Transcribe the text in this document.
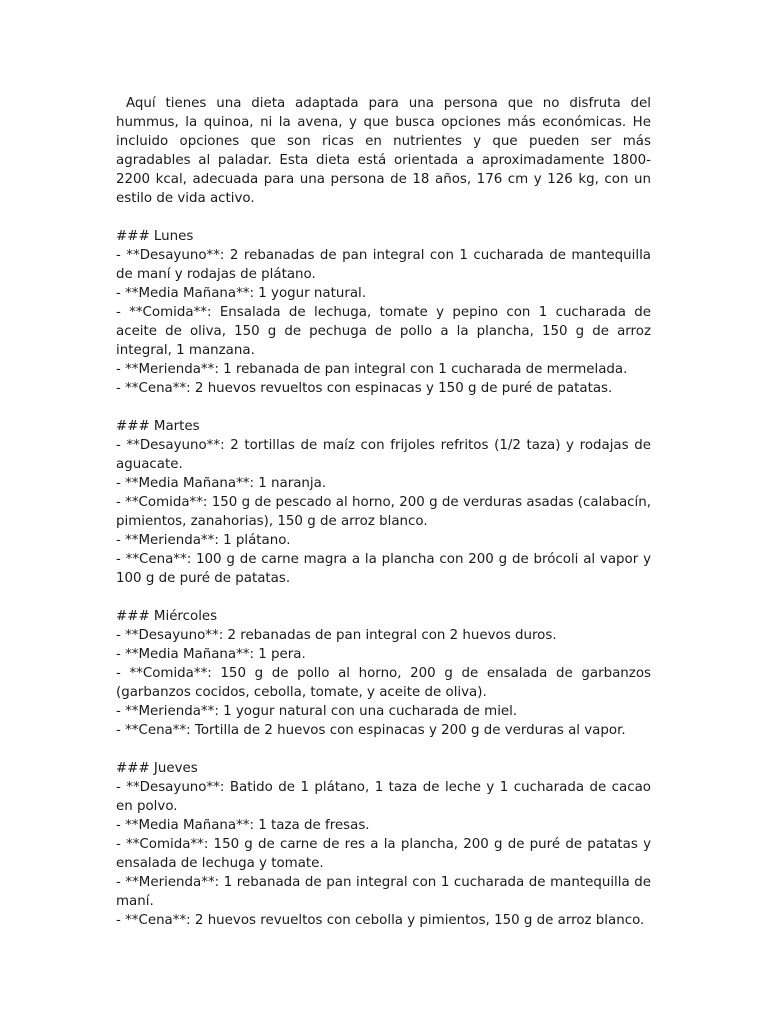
Aquí tienes una dieta adaptada para una persona que no disfruta del hummus, la quinoa, ni la avena, y que busca opciones más económicas. He incluido opciones que son ricas en nutrientes y que pueden ser más agradables al paladar. Esta dieta está orientada a aproximadamente 1800-2200 kcal, adecuada para una persona de 18 años, 176 cm y 126 kg, con un estilo de vida activo.

### Lunes

- **Desayuno**: 2 rebanadas de pan integral con 1 cucharada de mantequilla de maní y rodajas de plátano.

- **Media Mañana**: 1 yogur natural.

- **Comida**: Ensalada de lechuga, tomate y pepino con 1 cucharada de aceite de oliva, 150 g de pechuga de pollo a la plancha, 150 g de arroz integral, 1 manzana.

- **Merienda**: 1 rebanada de pan integral con 1 cucharada de mermelada.

- **Cena**: 2 huevos revueltos con espinacas y 150 g de puré de patatas.

### Martes

- **Desayuno**: 2 tortillas de maíz con frijoles refritos (1/2 taza) y rodajas de aguacate.

- **Media Mañana**: 1 naranja.

- **Comida**: 150 g de pescado al horno, 200 g de verduras asadas (calabacín, pimientos, zanahorias), 150 g de arroz blanco.

- **Merienda**: 1 plátano.

- **Cena**: 100 g de carne magra a la plancha con 200 g de brócoli al vapor y 100 g de puré de patatas.

### Miércoles

- **Desayuno**: 2 rebanadas de pan integral con 2 huevos duros.

- **Media Mañana**: 1 pera.

- **Comida**: 150 g de pollo al horno, 200 g de ensalada de garbanzos (garbanzos cocidos, cebolla, tomate, y aceite de oliva).

- **Merienda**: 1 yogur natural con una cucharada de miel.

- **Cena**: Tortilla de 2 huevos con espinacas y 200 g de verduras al vapor.

### Jueves

- **Desayuno**: Batido de 1 plátano, 1 taza de leche y 1 cucharada de cacao en polvo.

- **Media Mañana**: 1 taza de fresas.

- **Comida**: 150 g de carne de res a la plancha, 200 g de puré de patatas y ensalada de lechuga y tomate.

- **Merienda**: 1 rebanada de pan integral con 1 cucharada de mantequilla de maní.

- **Cena**: 2 huevos revueltos con cebolla y pimientos, 150 g de arroz blanco.
